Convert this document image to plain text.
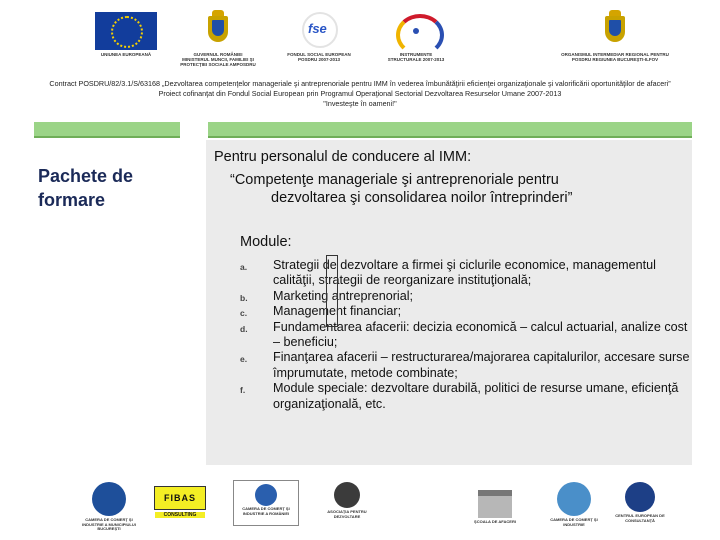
UNIUNEA EUROPEANĂ	GUVERNUL ROMÂNIEI MINISTERUL MUNCII, FAMILIEI ŞI PROTECŢIEI SOCIALE AMPOSDRU
fse
FONDUL SOCIAL EUROPEAN POSDRU 2007-2013
INSTRUMENTE STRUCTURALE 2007-2013
ORGANISMUL INTERMEDIAR REGIONAL PENTRU POSDRU REGIUNEA BUCUREŞTI-ILFOV
Contract POSDRU/82/3.1/S/63168 „Dezvoltarea competenţelor manageriale şi antreprenoriale pentru IMM în vederea îmbunătăţirii eficienţei organizaţionale şi valorificării oportunităţilor de afaceri”
Proiect cofinanţat din Fondul Social European prin Programul Operaţional Sectorial Dezvoltarea Resurselor Umane 2007-2013
"Investeşte în oameni!"
Pachete de
formare
Pentru personalul de conducere al IMM:
“Competenţe manageriale şi antreprenoriale pentru
dezvoltarea şi consolidarea noilor întreprinderi”
Module:
a. Strategii de dezvoltare a firmei şi ciclurile economice, managementul calităţii, strategii de reorganizare instituţională;
b. Marketing antreprenorial;
c. Management financiar;
d. Fundamentarea afacerii: decizia economică – calcul actuarial, analize cost – beneficiu;
e. Finanţarea afacerii – restructurarea/majorarea capitalurilor, accesare surse împrumutate, metode combinate;
f. Module speciale: dezvoltare durabilă, politici de resurse umane, eficienţă organizaţională, etc.
CAMERA DE COMERŢ ŞI INDUSTRIE A MUNICIPIULUI BUCUREŞTI
FIBAS
CONSULTING
CAMERA DE COMERŢ ŞI INDUSTRIE A ROMÂNIEI	ASOCIAŢIA PENTRU DEZVOLTARE
ŞCOALA DE AFACERI	CAMERA DE COMERŢ ŞI INDUSTRIE
CENTRUL EUROPEAN DE CONSULTANŢĂ
